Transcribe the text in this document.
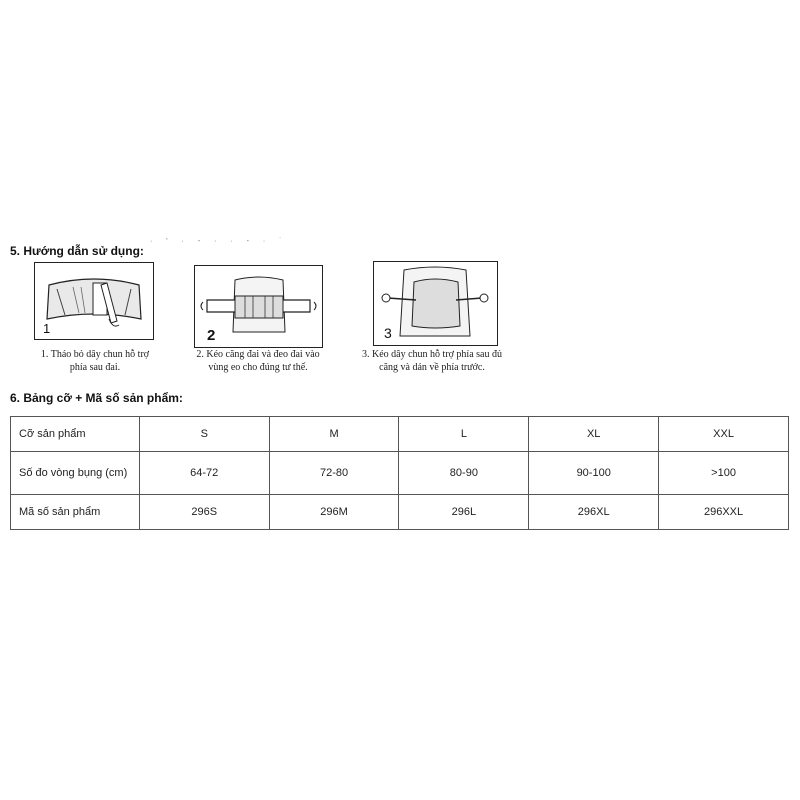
5. Hướng dẫn sử dụng:
· ' · - · · - · ˙
1
1. Tháo bỏ dây chun hỗ trợ
phía sau đai.
2
2. Kéo căng đai và đeo đai vào
vùng eo cho đúng tư thế.
3
3. Kéo dây chun hỗ trợ phía sau đủ
căng và dán về phía trước.
6. Bảng cỡ + Mã số sản phẩm:
Cỡ sản phẩm	S	M	L	XL	XXL
Số đo vòng bụng (cm)	64-72	72-80	80-90	90-100	>100
Mã số sản phẩm	296S	296M	296L	296XL	296XXL
